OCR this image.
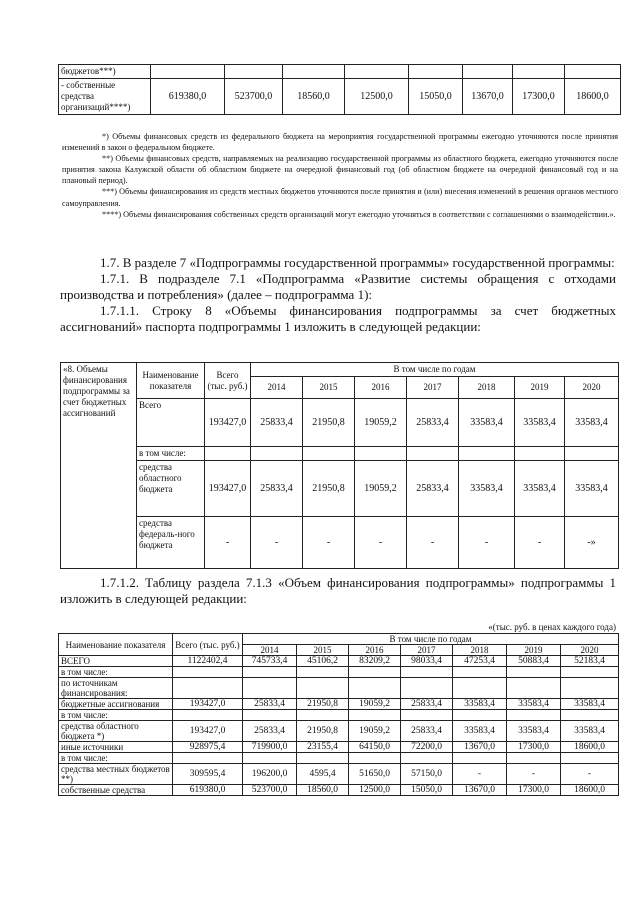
бюджетов***)								
- собственные средства организаций****)	619380,0	523700,0	18560,0	12500,0	15050,0	13670,0	17300,0	18600,0

*) Объемы финансовых средств из федерального бюджета на мероприятия государственной программы ежегодно уточняются после принятия изменений в закон о федеральном бюджете.

**) Объемы финансовых средств, направляемых на реализацию государственной программы из областного бюджета, ежегодно уточняются после принятия закона Калужской области об областном бюджете на очередной финансовый год (об областном бюджете на очередной финансовый год и на плановый период).

***) Объемы финансирования из средств местных бюджетов уточняются после принятия и (или) внесения изменений в решения органов местного самоуправления.

****) Объемы финансирования собственных средств организаций могут ежегодно уточняться в соответствии с соглашениями о взаимодействии.».

1.7. В разделе 7 «Подпрограммы государственной программы» государственной программы:

1.7.1. В подразделе 7.1 «Подпрограмма «Развитие системы обращения с отходами производства и потребления» (далее – подпрограмма 1):

1.7.1.1. Строку 8 «Объемы финансирования подпрограммы за счет бюджетных ассигнований» паспорта подпрограммы 1 изложить в следующей редакции:

«8. Объемы финансирования подпрограммы за счет бюджетных ассигнований	Наименование показателя	Всего (тыс. руб.)	В том числе по годам						
			2014	2015	2016	2017	2018	2019	2020
	Всего	193427,0	25833,4	21950,8	19059,2	25833,4	33583,4	33583,4	33583,4
	в том числе:								
	средства областного бюджета	193427,0	25833,4	21950,8	19059,2	25833,4	33583,4	33583,4	33583,4
	средства федераль-ного бюджета	-	-	-	-	-	-	-	-»

1.7.1.2. Таблицу раздела 7.1.3 «Объем финансирования подпрограммы» подпрограммы 1 изложить в следующей редакции:

«(тыс. руб. в ценах каждого года)
Наименование показателя	Всего (тыс. руб.)	В том числе по годам						
		2014	2015	2016	2017	2018	2019	2020
ВСЕГО	1122402,4	745733,4	45106,2	83209,2	98033,4	47253,4	50883,4	52183,4
в том числе:								
по источникам финансирования:								
бюджетные ассигнования	193427,0	25833,4	21950,8	19059,2	25833,4	33583,4	33583,4	33583,4
в том числе:								
средства областного бюджета *)	193427,0	25833,4	21950,8	19059,2	25833,4	33583,4	33583,4	33583,4
иные источники	928975,4	719900,0	23155,4	64150,0	72200,0	13670,0	17300,0	18600,0
в том числе:								
средства местных бюджетов **)	309595,4	196200,0	4595,4	51650,0	57150,0	-	-	-
собственные средства	619380,0	523700,0	18560,0	12500,0	15050,0	13670,0	17300,0	18600,0
